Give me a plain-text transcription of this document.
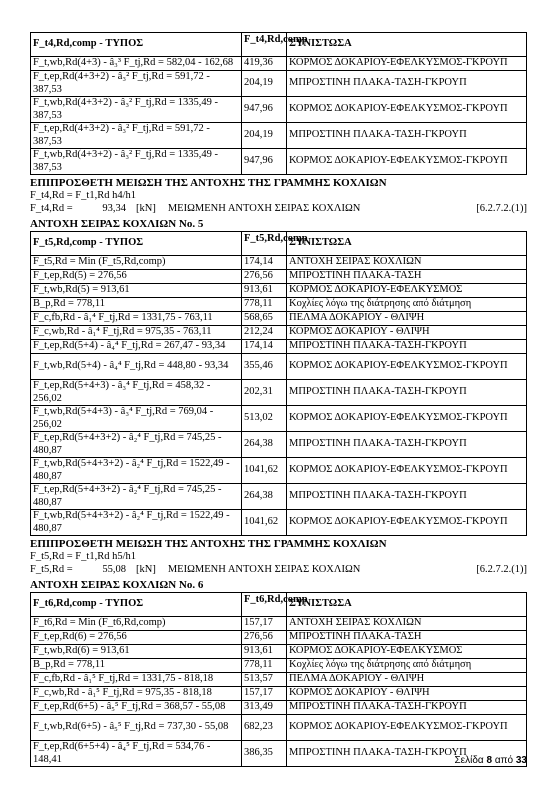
F_t4,Rd,comp - ΤΥΠΟΣ	F_t4,Rd,comp	ΣΥΝΙΣΤΩΣΑ
F_t,wb,Rd(4+3) - â₃³ F_tj,Rd = 582,04 - 162,68	419,36	ΚΟΡΜΟΣ ΔΟΚΑΡΙΟΥ-ΕΦΕΛΚΥΣΜΟΣ-ΓΚΡΟΥΠ
F_t,ep,Rd(4+3+2) - â₃² F_tj,Rd = 591,72 - 387,53	204,19	ΜΠΡΟΣΤΙΝΗ ΠΛΑΚΑ-ΤΑΣΗ-ΓΚΡΟΥΠ
F_t,wb,Rd(4+3+2) - â₃² F_tj,Rd = 1335,49 - 387,53	947,96	ΚΟΡΜΟΣ ΔΟΚΑΡΙΟΥ-ΕΦΕΛΚΥΣΜΟΣ-ΓΚΡΟΥΠ
F_t,ep,Rd(4+3+2) - â₃² F_tj,Rd = 591,72 - 387,53	204,19	ΜΠΡΟΣΤΙΝΗ ΠΛΑΚΑ-ΤΑΣΗ-ΓΚΡΟΥΠ
F_t,wb,Rd(4+3+2) - â₃² F_tj,Rd = 1335,49 - 387,53	947,96	ΚΟΡΜΟΣ ΔΟΚΑΡΙΟΥ-ΕΦΕΛΚΥΣΜΟΣ-ΓΚΡΟΥΠ
ΕΠΙΠΡΟΣΘΕΤΗ ΜΕΙΩΣΗ ΤΗΣ ΑΝΤΟΧΗΣ ΤΗΣ ΓΡΑΜΜΗΣ ΚΟΧΛΙΩΝ
F_t4,Rd = F_t1,Rd h4/h1
F_t4,Rd =	93,34 [kN] ΜΕΙΩΜΕΝΗ ΑΝΤΟΧΗ ΣΕΙΡΑΣ ΚΟΧΛΙΩΝ	[6.2.7.2.(1)]
ΑΝΤΟΧΗ ΣΕΙΡΑΣ ΚΟΧΛΙΩΝ No. 5
F_t5,Rd,comp - ΤΥΠΟΣ	F_t5,Rd,comp	ΣΥΝΙΣΤΩΣΑ
F_t5,Rd = Min (F_t5,Rd,comp)	174,14	ΑΝΤΟΧΗ ΣΕΙΡΑΣ ΚΟΧΛΙΩΝ
F_t,ep,Rd(5) = 276,56	276,56	ΜΠΡΟΣΤΙΝΗ ΠΛΑΚΑ-ΤΑΣΗ
F_t,wb,Rd(5) = 913,61	913,61	ΚΟΡΜΟΣ ΔΟΚΑΡΙΟΥ-ΕΦΕΛΚΥΣΜΟΣ
B_p,Rd = 778,11	778,11	Κοχλίες λόγω της διάτρησης από διάτμηση
F_c,fb,Rd - â₁⁴ F_tj,Rd = 1331,75 - 763,11	568,65	ΠΕΛΜΑ ΔΟΚΑΡΙΟΥ - ΘΛΙΨΗ
F_c,wb,Rd - â₁⁴ F_tj,Rd = 975,35 - 763,11	212,24	ΚΟΡΜΟΣ ΔΟΚΑΡΙΟΥ - ΘΛΙΨΗ
F_t,ep,Rd(5+4) - â₄⁴ F_tj,Rd = 267,47 - 93,34	174,14	ΜΠΡΟΣΤΙΝΗ ΠΛΑΚΑ-ΤΑΣΗ-ΓΚΡΟΥΠ
F_t,wb,Rd(5+4) - â₄⁴ F_tj,Rd = 448,80 - 93,34	355,46	ΚΟΡΜΟΣ ΔΟΚΑΡΙΟΥ-ΕΦΕΛΚΥΣΜΟΣ-ΓΚΡΟΥΠ
F_t,ep,Rd(5+4+3) - â₃⁴ F_tj,Rd = 458,32 - 256,02	202,31	ΜΠΡΟΣΤΙΝΗ ΠΛΑΚΑ-ΤΑΣΗ-ΓΚΡΟΥΠ
F_t,wb,Rd(5+4+3) - â₃⁴ F_tj,Rd = 769,04 - 256,02	513,02	ΚΟΡΜΟΣ ΔΟΚΑΡΙΟΥ-ΕΦΕΛΚΥΣΜΟΣ-ΓΚΡΟΥΠ
F_t,ep,Rd(5+4+3+2) - â₂⁴ F_tj,Rd = 745,25 - 480,87	264,38	ΜΠΡΟΣΤΙΝΗ ΠΛΑΚΑ-ΤΑΣΗ-ΓΚΡΟΥΠ
F_t,wb,Rd(5+4+3+2) - â₂⁴ F_tj,Rd = 1522,49 - 480,87	1041,62	ΚΟΡΜΟΣ ΔΟΚΑΡΙΟΥ-ΕΦΕΛΚΥΣΜΟΣ-ΓΚΡΟΥΠ
F_t,ep,Rd(5+4+3+2) - â₂⁴ F_tj,Rd = 745,25 - 480,87	264,38	ΜΠΡΟΣΤΙΝΗ ΠΛΑΚΑ-ΤΑΣΗ-ΓΚΡΟΥΠ
F_t,wb,Rd(5+4+3+2) - â₂⁴ F_tj,Rd = 1522,49 - 480,87	1041,62	ΚΟΡΜΟΣ ΔΟΚΑΡΙΟΥ-ΕΦΕΛΚΥΣΜΟΣ-ΓΚΡΟΥΠ
ΕΠΙΠΡΟΣΘΕΤΗ ΜΕΙΩΣΗ ΤΗΣ ΑΝΤΟΧΗΣ ΤΗΣ ΓΡΑΜΜΗΣ ΚΟΧΛΙΩΝ
F_t5,Rd = F_t1,Rd h5/h1
F_t5,Rd =	55,08 [kN] ΜΕΙΩΜΕΝΗ ΑΝΤΟΧΗ ΣΕΙΡΑΣ ΚΟΧΛΙΩΝ	[6.2.7.2.(1)]
ΑΝΤΟΧΗ ΣΕΙΡΑΣ ΚΟΧΛΙΩΝ No. 6
F_t6,Rd,comp - ΤΥΠΟΣ	F_t6,Rd,comp	ΣΥΝΙΣΤΩΣΑ
F_t6,Rd = Min (F_t6,Rd,comp)	157,17	ΑΝΤΟΧΗ ΣΕΙΡΑΣ ΚΟΧΛΙΩΝ
F_t,ep,Rd(6) = 276,56	276,56	ΜΠΡΟΣΤΙΝΗ ΠΛΑΚΑ-ΤΑΣΗ
F_t,wb,Rd(6) = 913,61	913,61	ΚΟΡΜΟΣ ΔΟΚΑΡΙΟΥ-ΕΦΕΛΚΥΣΜΟΣ
B_p,Rd = 778,11	778,11	Κοχλίες λόγω της διάτρησης από διάτμηση
F_c,fb,Rd - â₁⁵ F_tj,Rd = 1331,75 - 818,18	513,57	ΠΕΛΜΑ ΔΟΚΑΡΙΟΥ - ΘΛΙΨΗ
F_c,wb,Rd - â₁⁵ F_tj,Rd = 975,35 - 818,18	157,17	ΚΟΡΜΟΣ ΔΟΚΑΡΙΟΥ - ΘΛΙΨΗ
F_t,ep,Rd(6+5) - â₅⁵ F_tj,Rd = 368,57 - 55,08	313,49	ΜΠΡΟΣΤΙΝΗ ΠΛΑΚΑ-ΤΑΣΗ-ΓΚΡΟΥΠ
F_t,wb,Rd(6+5) - â₅⁵ F_tj,Rd = 737,30 - 55,08	682,23	ΚΟΡΜΟΣ ΔΟΚΑΡΙΟΥ-ΕΦΕΛΚΥΣΜΟΣ-ΓΚΡΟΥΠ
F_t,ep,Rd(6+5+4) - â₄⁵ F_tj,Rd = 534,76 - 148,41	386,35	ΜΠΡΟΣΤΙΝΗ ΠΛΑΚΑ-ΤΑΣΗ-ΓΚΡΟΥΠ
Σελίδα 8 από 33
